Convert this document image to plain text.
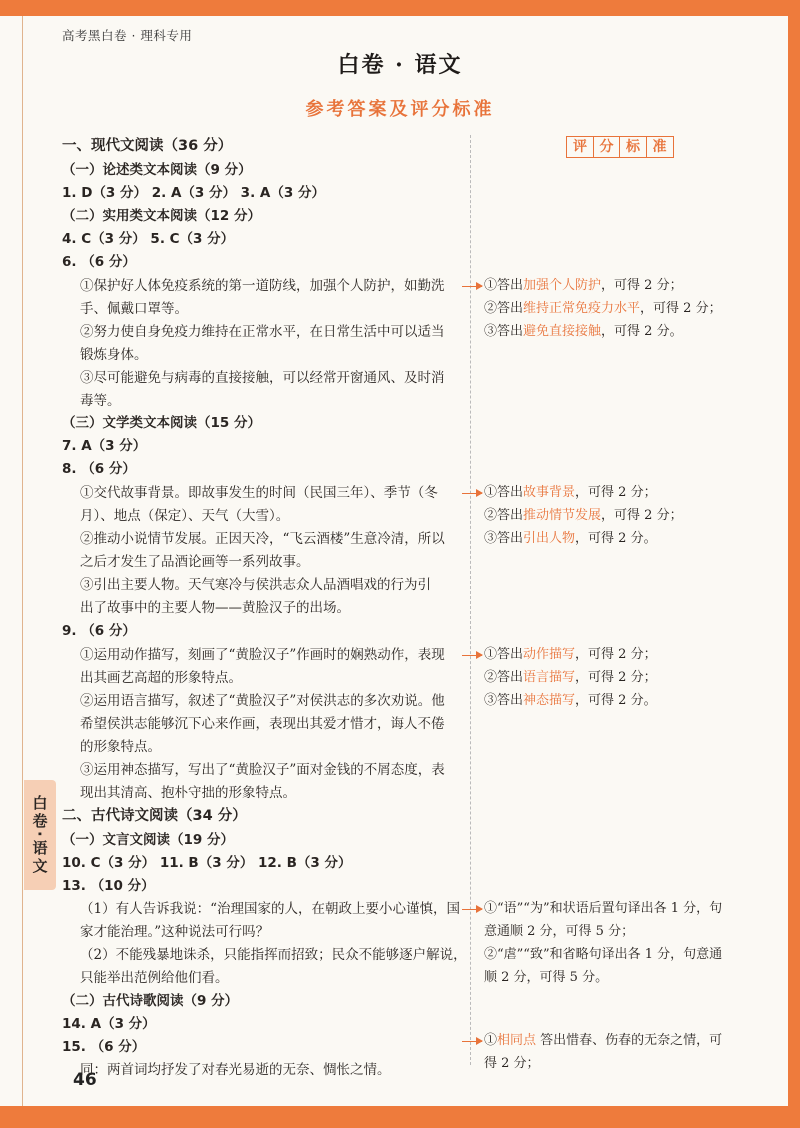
高考黑白卷 · 理科专用
白卷 · 语文
参考答案及评分标准
评 分 标 准
白卷·语文
46
一、现代文阅读（36 分）
（一）论述类文本阅读（9 分）
1. D（3 分） 2. A（3 分） 3. A（3 分）
（二）实用类文本阅读（12 分）
4. C（3 分） 5. C（3 分）
6. （6 分）
①保护好人体免疫系统的第一道防线，加强个人防护，如勤洗
手、佩戴口罩等。
②努力使自身免疫力维持在正常水平，在日常生活中可以适当
锻炼身体。
③尽可能避免与病毒的直接接触，可以经常开窗通风、及时消
毒等。
（三）文学类文本阅读（15 分）
7. A（3 分）
8. （6 分）
①交代故事背景。即故事发生的时间（民国三年）、季节（冬
月）、地点（保定）、天气（大雪）。
②推动小说情节发展。正因天冷，“飞云酒楼”生意冷清，所以
之后才发生了品酒论画等一系列故事。
③引出主要人物。天气寒冷与侯洪志众人品酒唱戏的行为引
出了故事中的主要人物——黄脸汉子的出场。
9. （6 分）
①运用动作描写，刻画了“黄脸汉子”作画时的娴熟动作，表现
出其画艺高超的形象特点。
②运用语言描写，叙述了“黄脸汉子”对侯洪志的多次劝说。他
希望侯洪志能够沉下心来作画，表现出其爱才惜才，诲人不倦
的形象特点。
③运用神态描写，写出了“黄脸汉子”面对金钱的不屑态度，表
现出其清高、抱朴守拙的形象特点。
二、古代诗文阅读（34 分）
（一）文言文阅读（19 分）
10. C（3 分） 11. B（3 分） 12. B（3 分）
13. （10 分）
（1）有人告诉我说：“治理国家的人，在朝政上要小心谨慎，国
家才能治理。”这种说法可行吗？
（2）不能残暴地诛杀，只能指挥而招致；民众不能够逐户解说，
只能举出范例给他们看。
（二）古代诗歌阅读（9 分）
14. A（3 分）
15. （6 分）
同：两首词均抒发了对春光易逝的无奈、惆怅之情。
①答出加强个人防护，可得 2 分；
②答出维持正常免疫力水平，可得 2 分；
③答出避免直接接触，可得 2 分。
①答出故事背景，可得 2 分；
②答出推动情节发展，可得 2 分；
③答出引出人物，可得 2 分。
①答出动作描写，可得 2 分；
②答出语言描写，可得 2 分；
③答出神态描写，可得 2 分。
①“语”“为”和状语后置句译出各 1 分，句
意通顺 2 分，可得 5 分；
②“虐”“致”和省略句译出各 1 分，句意通
顺 2 分，可得 5 分。
①相同点 答出惜春、伤春的无奈之情，可
得 2 分；
